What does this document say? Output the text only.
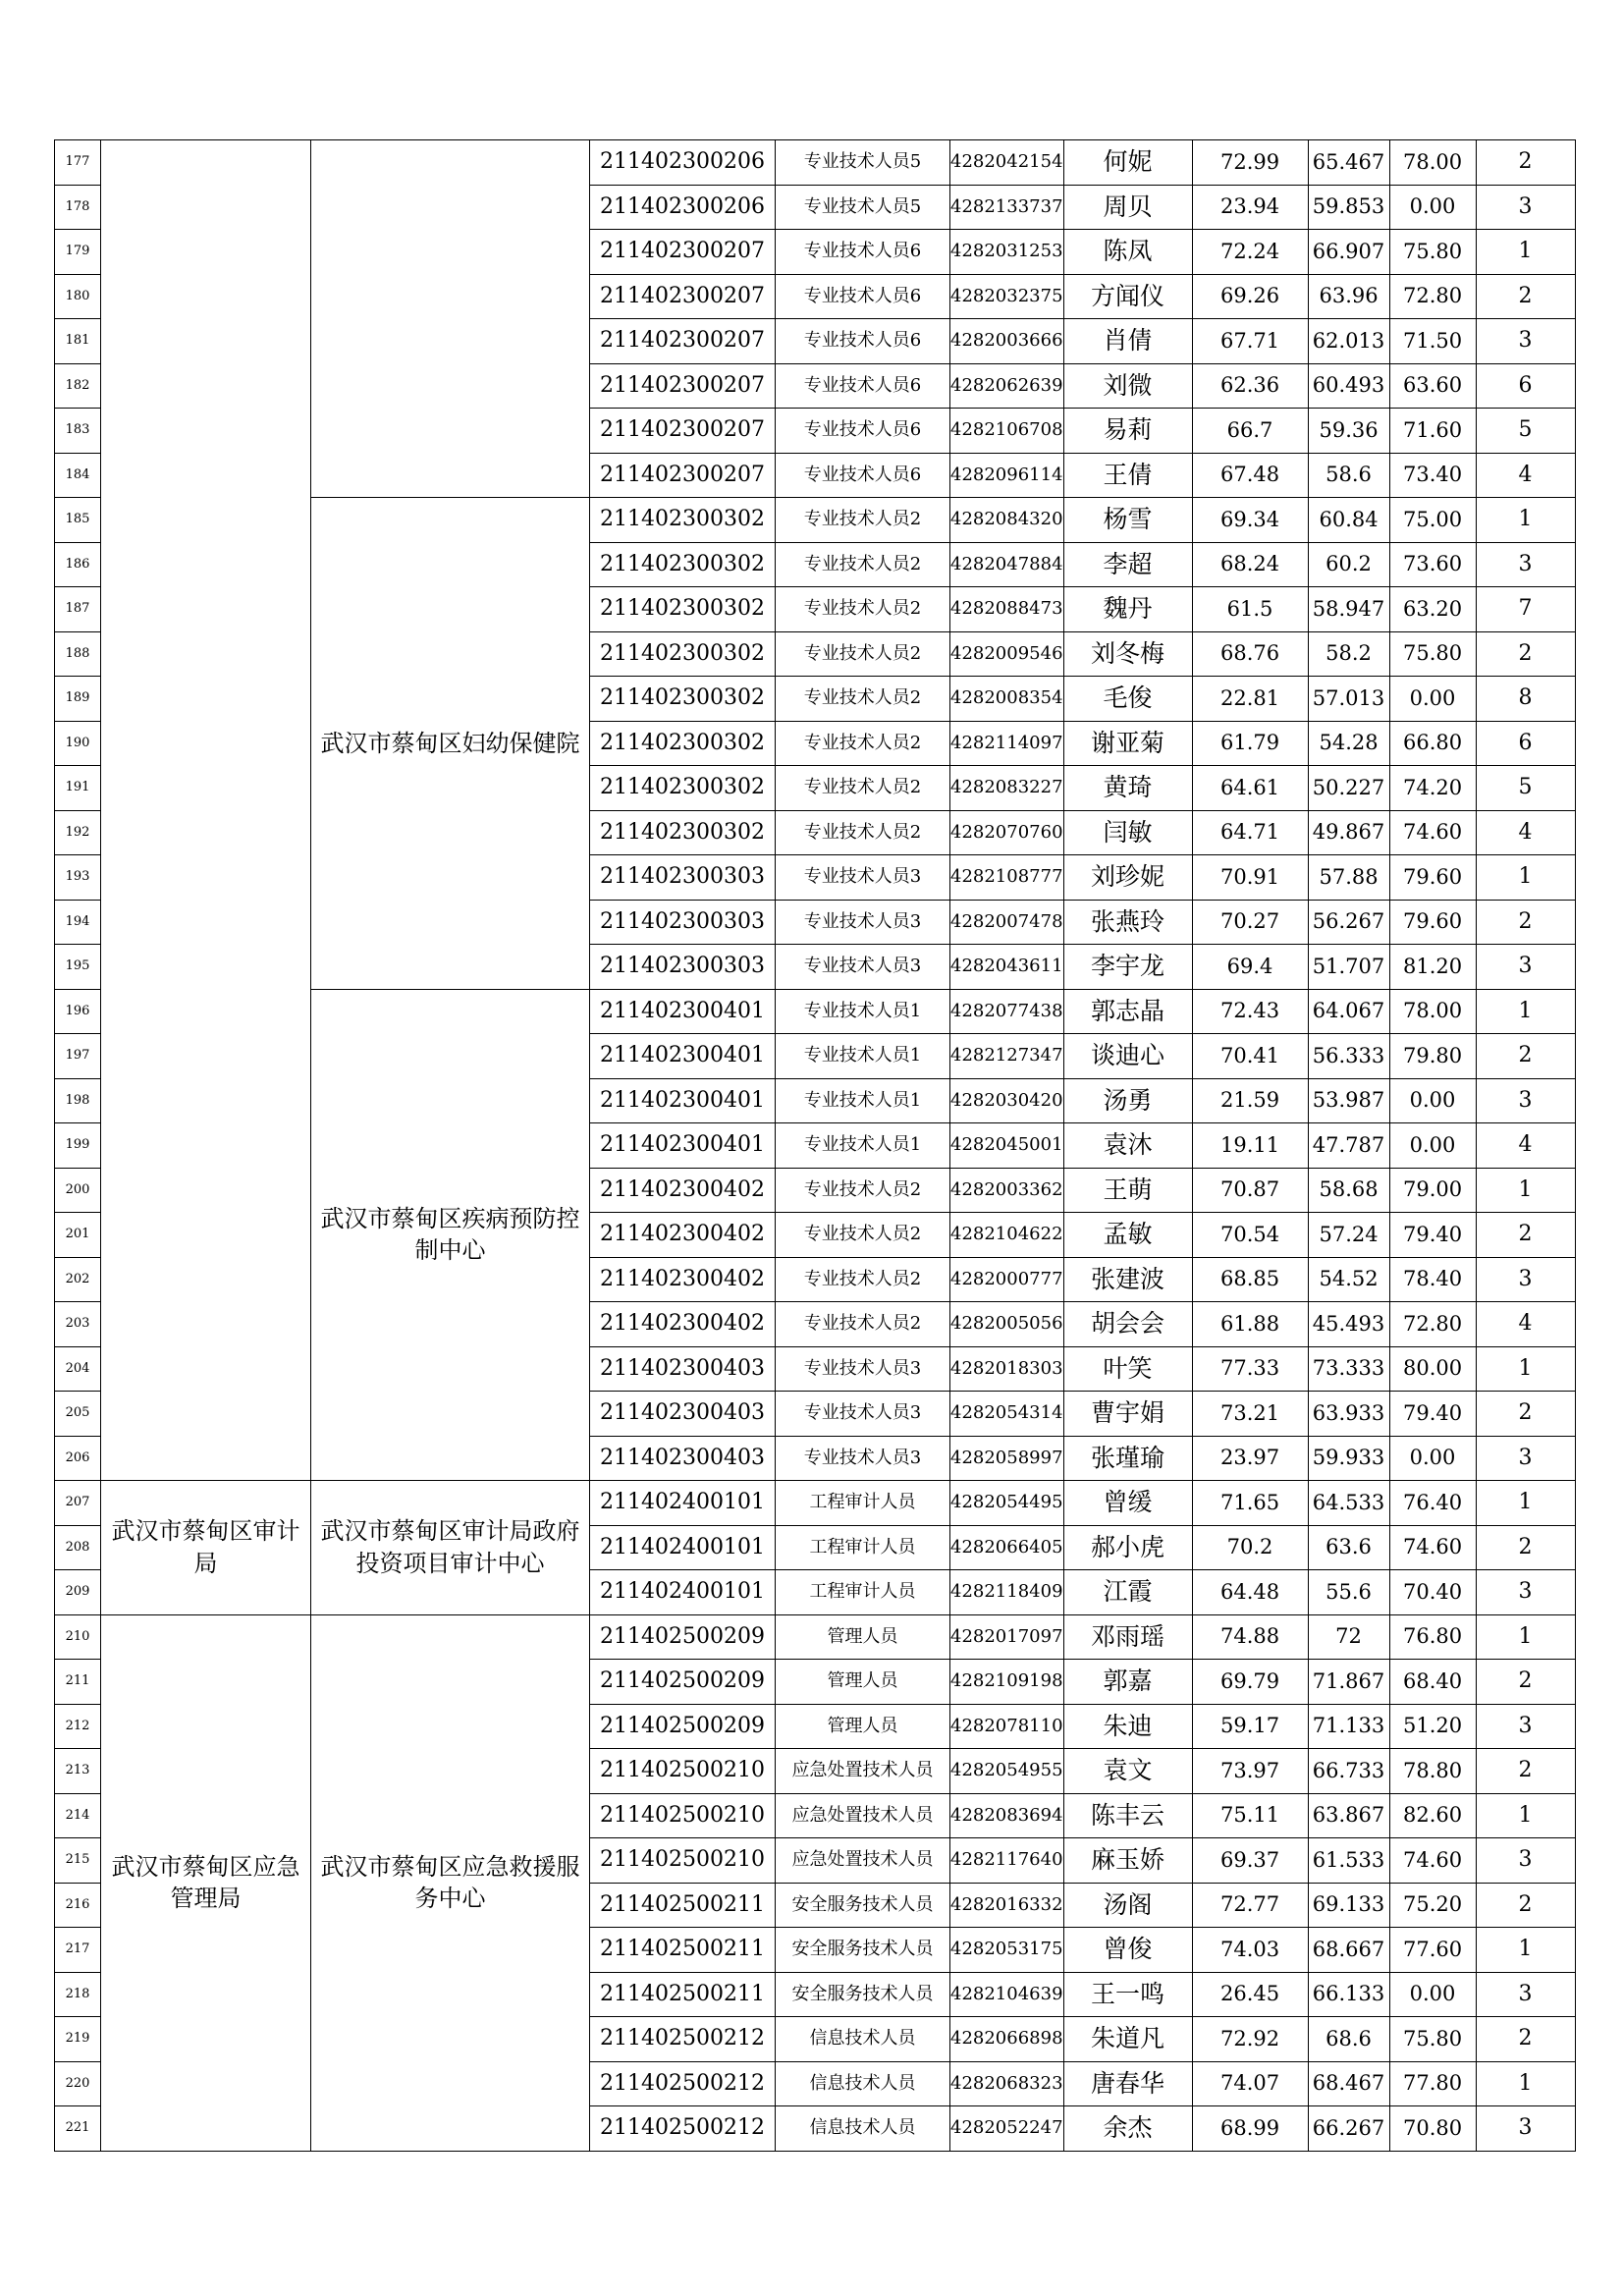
177			211402300206	专业技术人员5	4282042154	何妮	72.99	65.467	78.00	2
178			211402300206	专业技术人员5	4282133737	周贝	23.94	59.853	0.00	3
179			211402300207	专业技术人员6	4282031253	陈凤	72.24	66.907	75.80	1
180			211402300207	专业技术人员6	4282032375	方闻仪	69.26	63.96	72.80	2
181			211402300207	专业技术人员6	4282003666	肖倩	67.71	62.013	71.50	3
182			211402300207	专业技术人员6	4282062639	刘微	62.36	60.493	63.60	6
183			211402300207	专业技术人员6	4282106708	易莉	66.7	59.36	71.60	5
184			211402300207	专业技术人员6	4282096114	王倩	67.48	58.6	73.40	4
185		武汉市蔡甸区妇幼保健院	211402300302	专业技术人员2	4282084320	杨雪	69.34	60.84	75.00	1
186			211402300302	专业技术人员2	4282047884	李超	68.24	60.2	73.60	3
187			211402300302	专业技术人员2	4282088473	魏丹	61.5	58.947	63.20	7
188			211402300302	专业技术人员2	4282009546	刘冬梅	68.76	58.2	75.80	2
189			211402300302	专业技术人员2	4282008354	毛俊	22.81	57.013	0.00	8
190			211402300302	专业技术人员2	4282114097	谢亚菊	61.79	54.28	66.80	6
191			211402300302	专业技术人员2	4282083227	黄琦	64.61	50.227	74.20	5
192			211402300302	专业技术人员2	4282070760	闫敏	64.71	49.867	74.60	4
193			211402300303	专业技术人员3	4282108777	刘珍妮	70.91	57.88	79.60	1
194			211402300303	专业技术人员3	4282007478	张燕玲	70.27	56.267	79.60	2
195			211402300303	专业技术人员3	4282043611	李宇龙	69.4	51.707	81.20	3
196		武汉市蔡甸区疾病预防控制中心	211402300401	专业技术人员1	4282077438	郭志晶	72.43	64.067	78.00	1
197			211402300401	专业技术人员1	4282127347	谈迪心	70.41	56.333	79.80	2
198			211402300401	专业技术人员1	4282030420	汤勇	21.59	53.987	0.00	3
199			211402300401	专业技术人员1	4282045001	袁沐	19.11	47.787	0.00	4
200			211402300402	专业技术人员2	4282003362	王萌	70.87	58.68	79.00	1
201			211402300402	专业技术人员2	4282104622	孟敏	70.54	57.24	79.40	2
202			211402300402	专业技术人员2	4282000777	张建波	68.85	54.52	78.40	3
203			211402300402	专业技术人员2	4282005056	胡会会	61.88	45.493	72.80	4
204			211402300403	专业技术人员3	4282018303	叶笑	77.33	73.333	80.00	1
205			211402300403	专业技术人员3	4282054314	曹宇娟	73.21	63.933	79.40	2
206			211402300403	专业技术人员3	4282058997	张瑾瑜	23.97	59.933	0.00	3
207	武汉市蔡甸区审计局	武汉市蔡甸区审计局政府投资项目审计中心	211402400101	工程审计人员	4282054495	曾缓	71.65	64.533	76.40	1
208			211402400101	工程审计人员	4282066405	郝小虎	70.2	63.6	74.60	2
209			211402400101	工程审计人员	4282118409	江霞	64.48	55.6	70.40	3
210	武汉市蔡甸区应急管理局	武汉市蔡甸区应急救援服务中心	211402500209	管理人员	4282017097	邓雨瑶	74.88	72	76.80	1
211			211402500209	管理人员	4282109198	郭嘉	69.79	71.867	68.40	2
212			211402500209	管理人员	4282078110	朱迪	59.17	71.133	51.20	3
213			211402500210	应急处置技术人员	4282054955	袁文	73.97	66.733	78.80	2
214			211402500210	应急处置技术人员	4282083694	陈丰云	75.11	63.867	82.60	1
215			211402500210	应急处置技术人员	4282117640	麻玉娇	69.37	61.533	74.60	3
216			211402500211	安全服务技术人员	4282016332	汤阁	72.77	69.133	75.20	2
217			211402500211	安全服务技术人员	4282053175	曾俊	74.03	68.667	77.60	1
218			211402500211	安全服务技术人员	4282104639	王一鸣	26.45	66.133	0.00	3
219			211402500212	信息技术人员	4282066898	朱道凡	72.92	68.6	75.80	2
220			211402500212	信息技术人员	4282068323	唐春华	74.07	68.467	77.80	1
221			211402500212	信息技术人员	4282052247	余杰	68.99	66.267	70.80	3
